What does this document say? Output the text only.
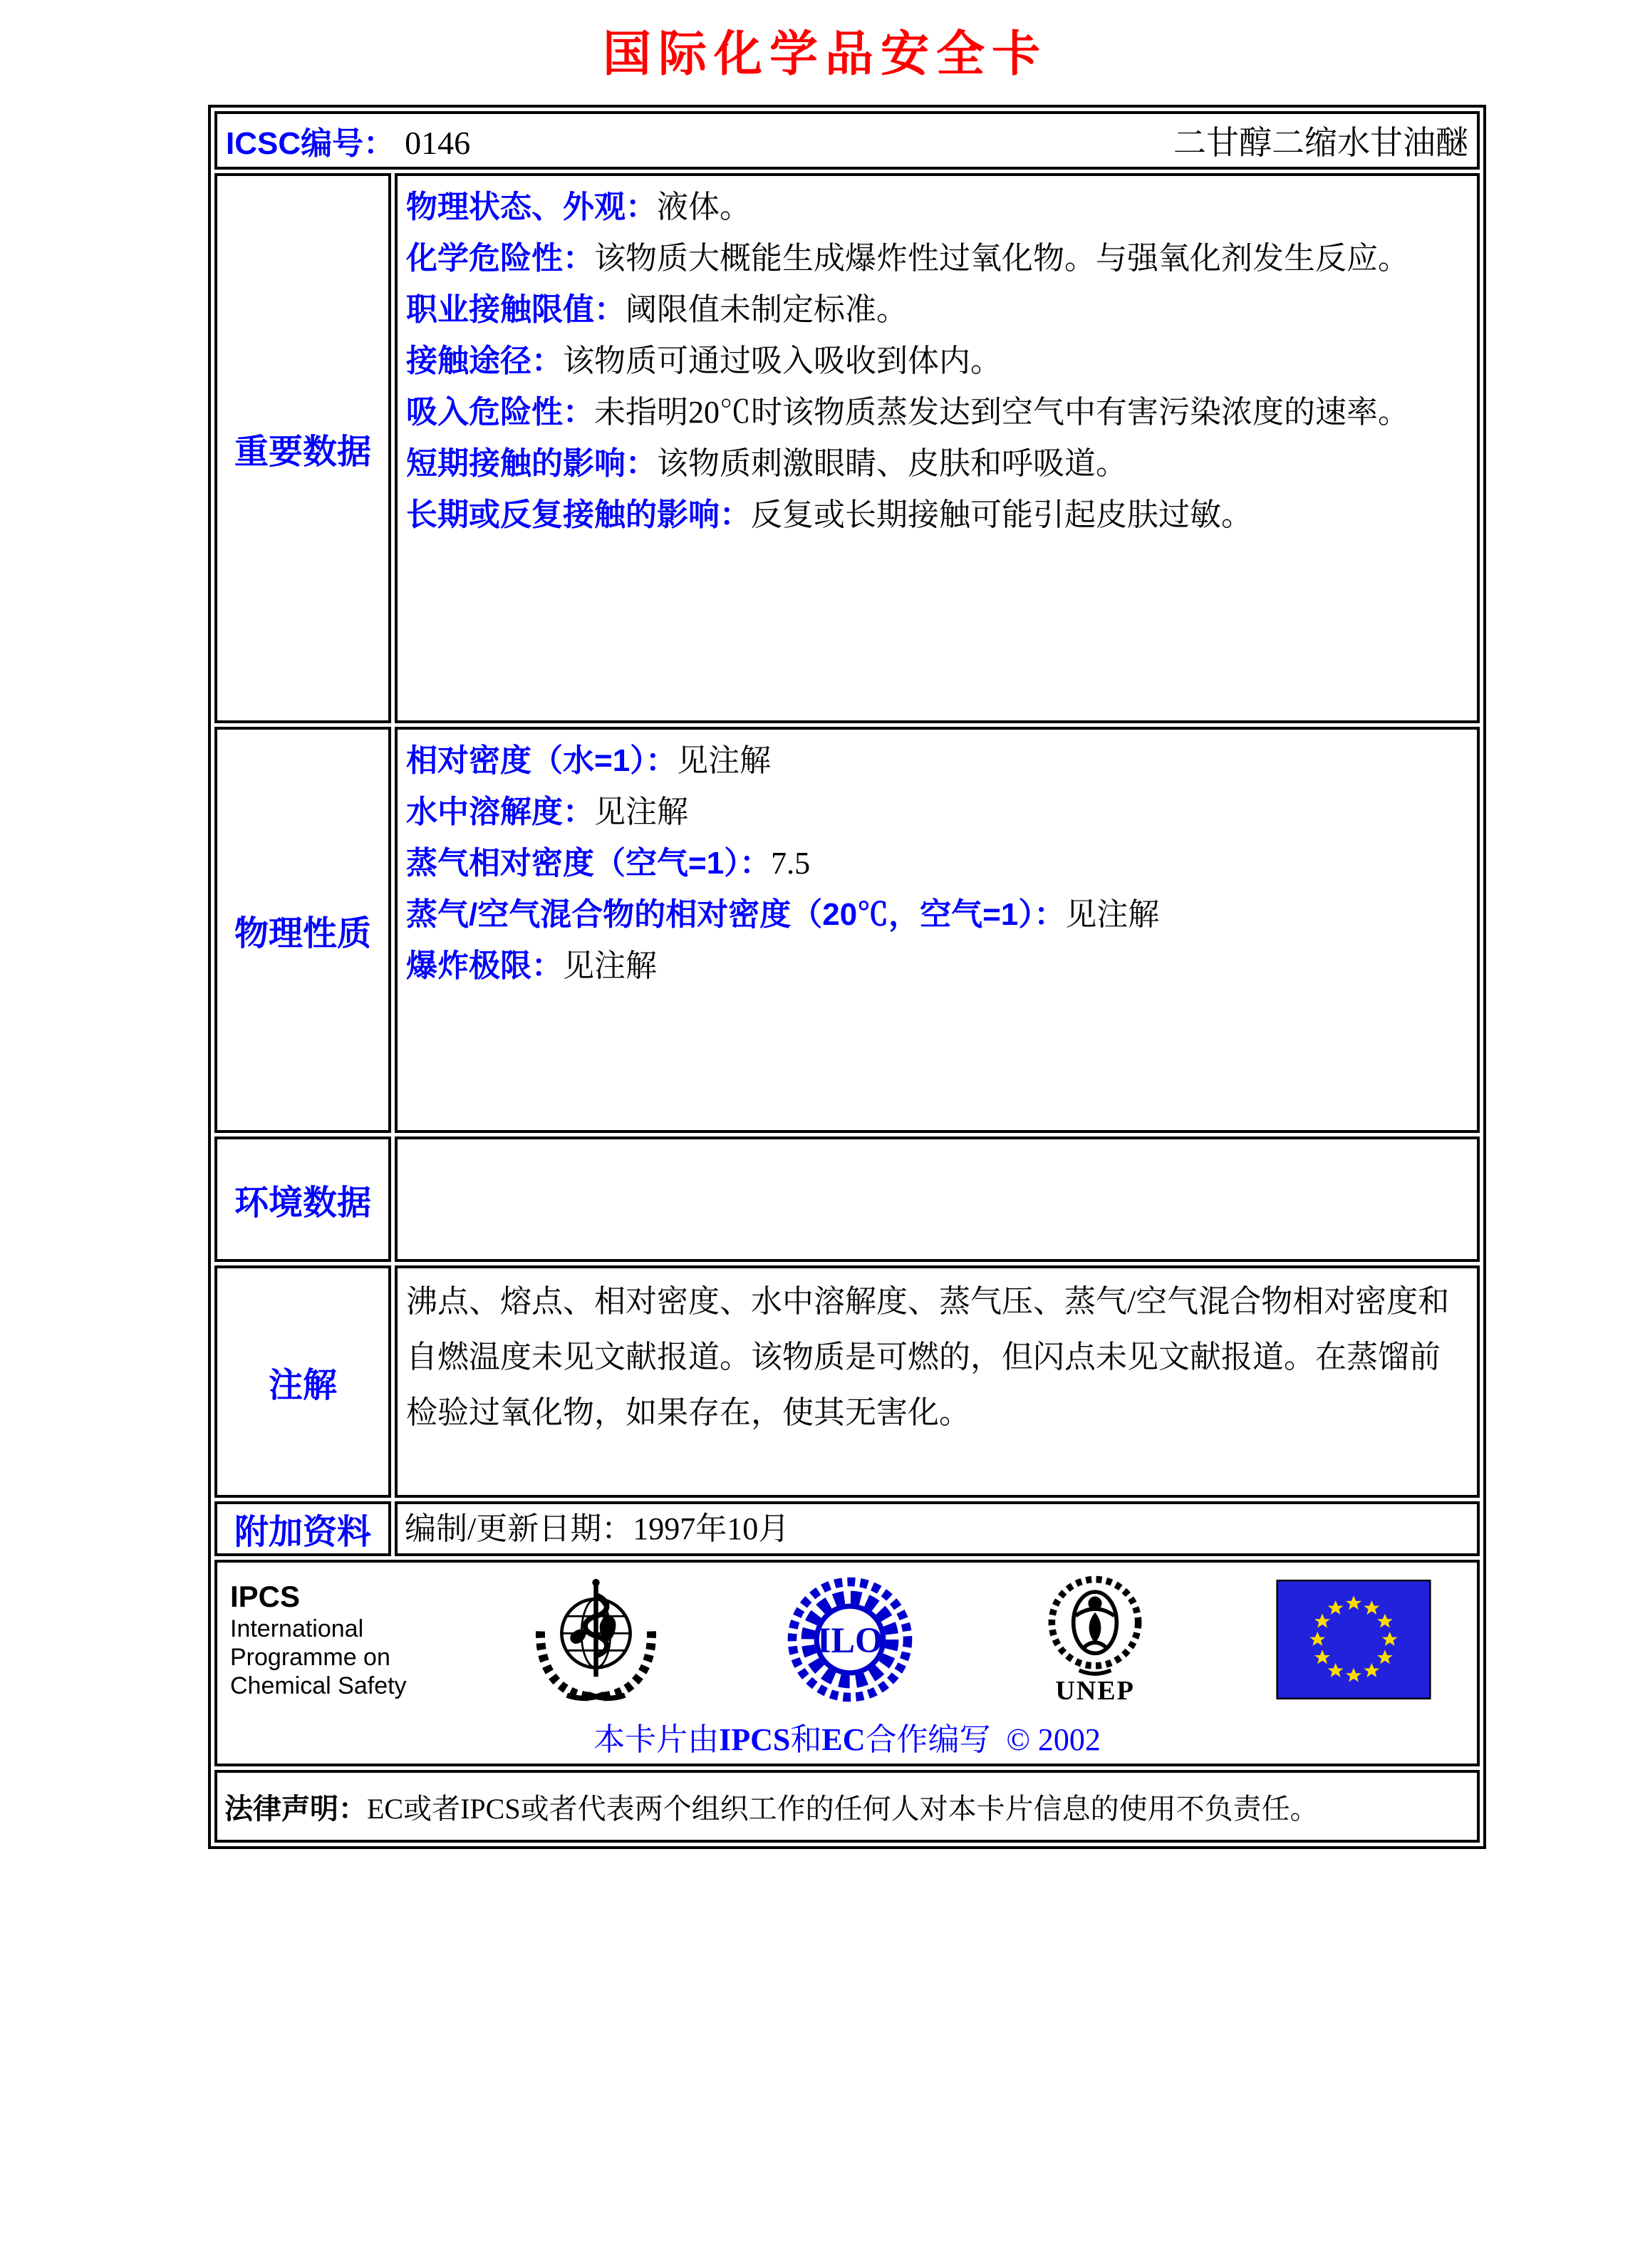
国际化学品安全卡
ICSC编号： 0146	二甘醇二缩水甘油醚
重要数据
物理状态、外观：液体。
化学危险性：该物质大概能生成爆炸性过氧化物。与强氧化剂发生反应。
职业接触限值：阈限值未制定标准。
接触途径：该物质可通过吸入吸收到体内。
吸入危险性：未指明20℃时该物质蒸发达到空气中有害污染浓度的速率。
短期接触的影响：该物质刺激眼睛、皮肤和呼吸道。
长期或反复接触的影响：反复或长期接触可能引起皮肤过敏。
物理性质
相对密度（水=1）：见注解
水中溶解度：见注解
蒸气相对密度（空气=1）：7.5
蒸气/空气混合物的相对密度（20℃，空气=1）：见注解
爆炸极限：见注解
环境数据
注解
沸点、熔点、相对密度、水中溶解度、蒸气压、蒸气/空气混合物相对密度和自燃温度未见文献报道。该物质是可燃的，但闪点未见文献报道。在蒸馏前检验过氧化物，如果存在，使其无害化。
附加资料	编制/更新日期：1997年10月
IPCS
International
Programme on
Chemical Safety
ILO
UNEP
本卡片由IPCS和EC合作编写 © 2002
法律声明： EC或者IPCS或者代表两个组织工作的任何人对本卡片信息的使用不负责任。
